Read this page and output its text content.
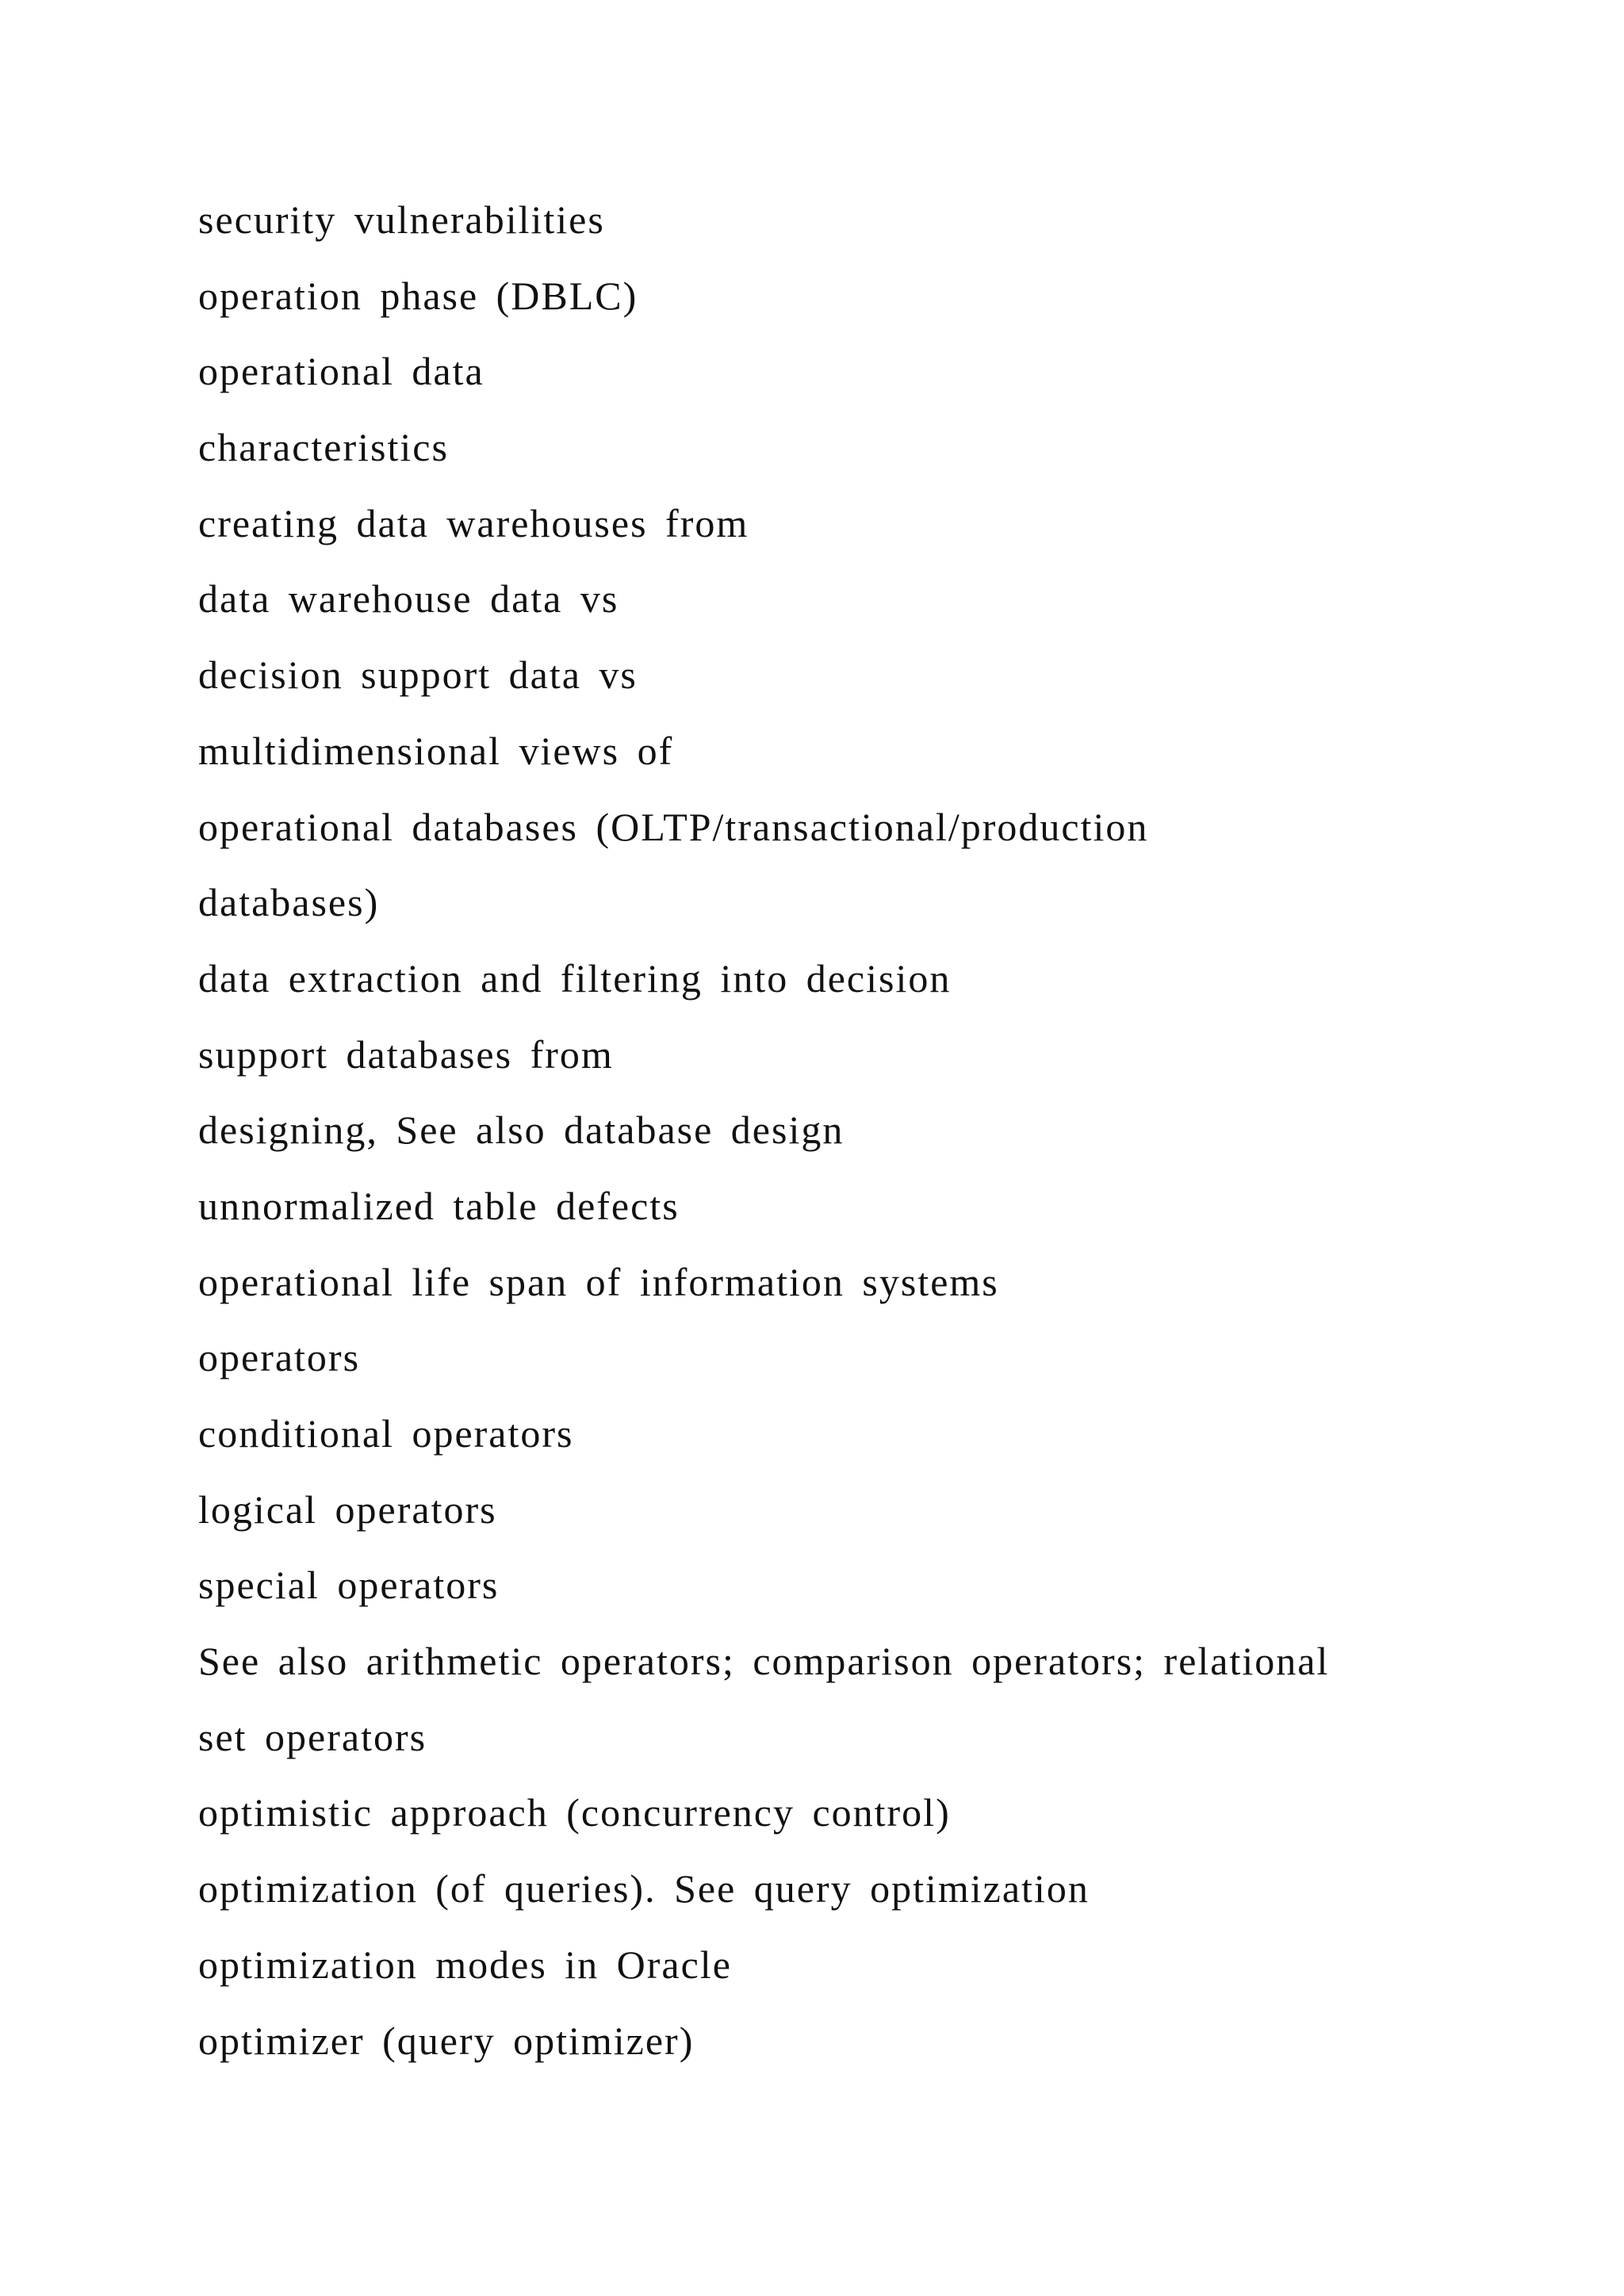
security vulnerabilities
operation phase (DBLC)
operational data
characteristics
creating data warehouses from
data warehouse data vs
decision support data vs
multidimensional views of
operational databases (OLTP/transactional/production
databases)
data extraction and filtering into decision
support databases from
designing, See also database design
unnormalized table defects
operational life span of information systems
operators
conditional operators
logical operators
special operators
See also arithmetic operators; comparison operators; relational
set operators
optimistic approach (concurrency control)
optimization (of queries). See query optimization
optimization modes in Oracle
optimizer (query optimizer)
